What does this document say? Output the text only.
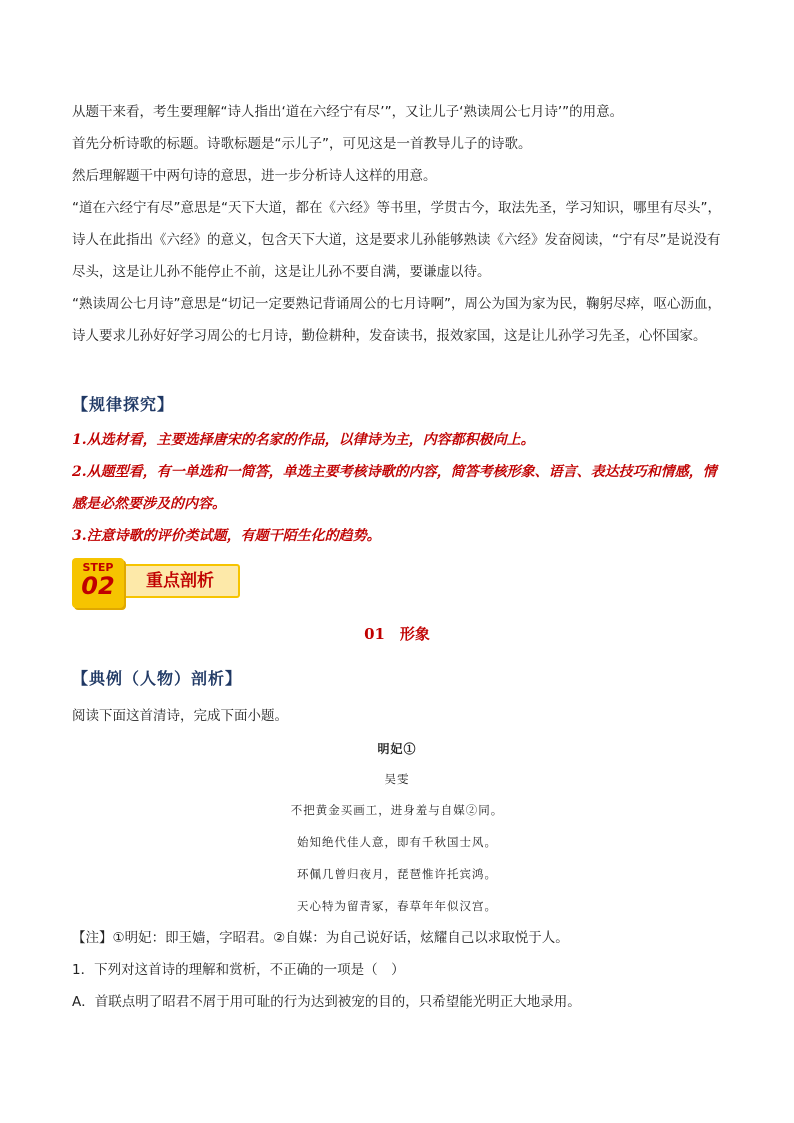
从题干来看，考生要理解“诗人指出‘道在六经宁有尽’”，又让儿子‘熟读周公七月诗’”的用意。

首先分析诗歌的标题。诗歌标题是“示儿子”，可见这是一首教导儿子的诗歌。

然后理解题干中两句诗的意思，进一步分析诗人这样的用意。

“道在六经宁有尽”意思是“天下大道，都在《六经》等书里，学贯古今，取法先圣，学习知识，哪里有尽头”，诗人在此指出《六经》的意义，包含天下大道，这是要求儿孙能够熟读《六经》发奋阅读，“宁有尽”是说没有尽头，这是让儿孙不能停止不前，这是让儿孙不要自满，要谦虚以待。

“熟读周公七月诗”意思是“切记一定要熟记背诵周公的七月诗啊”，周公为国为家为民，鞠躬尽瘁，呕心沥血，诗人要求儿孙好好学习周公的七月诗，勤俭耕种，发奋读书，报效家国，这是让儿孙学习先圣，心怀国家。

【规律探究】
1.从选材看，主要选择唐宋的名家的作品，以律诗为主，内容都积极向上。
2.从题型看，有一单选和一简答，单选主要考核诗歌的内容，简答考核形象、语言、表达技巧和情感，情感是必然要涉及的内容。
3.注意诗歌的评价类试题，有题干陌生化的趋势。
重点剖析
STEP
02
01　形象
【典例（人物）剖析】

阅读下面这首清诗，完成下面小题。

明妃①
吴雯
不把黄金买画工，进身羞与自媒②同。
始知绝代佳人意，即有千秋国士风。
环佩几曾归夜月，琵琶惟许托宾鸿。
天心特为留青冢，春草年年似汉宫。

【注】①明妃：即王嫱，字昭君。②自媒：为自己说好话，炫耀自己以求取悦于人。

1．下列对这首诗的理解和赏析，不正确的一项是（　）

A．首联点明了昭君不屑于用可耻的行为达到被宠的目的，只希望能光明正大地录用。
